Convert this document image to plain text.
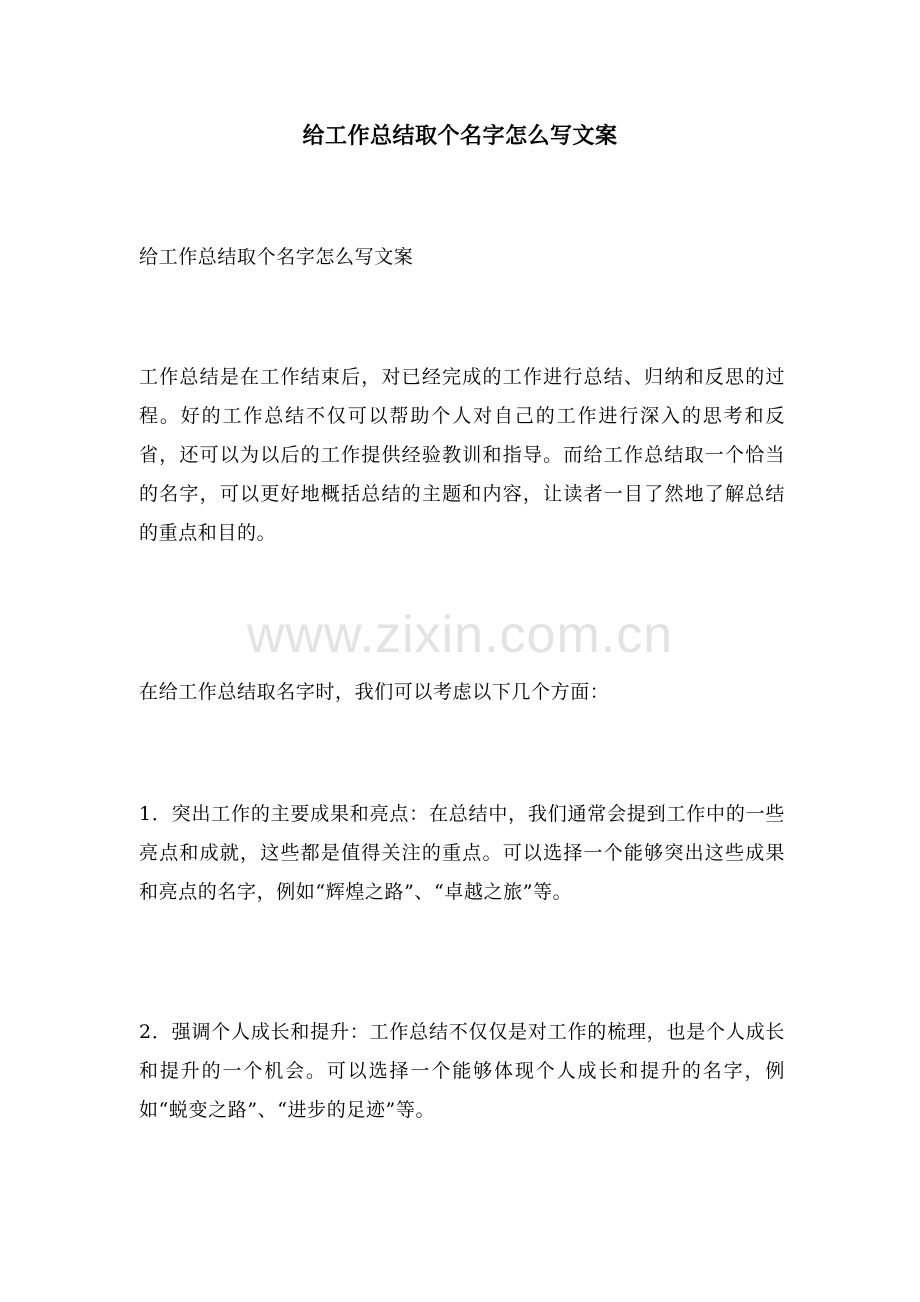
给工作总结取个名字怎么写文案

给工作总结取个名字怎么写文案

工作总结是在工作结束后，对已经完成的工作进行总结、归纳和反思的过程。好的工作总结不仅可以帮助个人对自己的工作进行深入的思考和反省，还可以为以后的工作提供经验教训和指导。而给工作总结取一个恰当的名字，可以更好地概括总结的主题和内容，让读者一目了然地了解总结的重点和目的。

www.zixin.com.cn

在给工作总结取名字时，我们可以考虑以下几个方面：

1．突出工作的主要成果和亮点：在总结中，我们通常会提到工作中的一些亮点和成就，这些都是值得关注的重点。可以选择一个能够突出这些成果和亮点的名字，例如“辉煌之路”、“卓越之旅”等。

2．强调个人成长和提升：工作总结不仅仅是对工作的梳理，也是个人成长和提升的一个机会。可以选择一个能够体现个人成长和提升的名字，例如“蜕变之路”、“进步的足迹”等。
